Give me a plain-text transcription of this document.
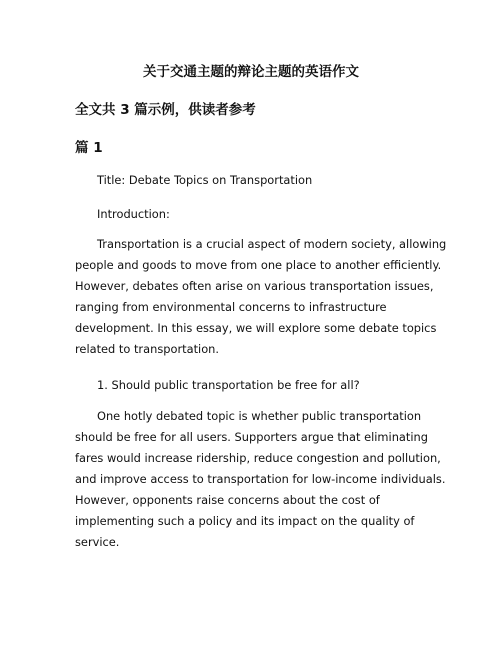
关于交通主题的辩论主题的英语作文
全文共 3 篇示例，供读者参考
篇 1

Title: Debate Topics on Transportation

Introduction:

Transportation is a crucial aspect of modern society, allowing people and goods to move from one place to another efficiently. However, debates often arise on various transportation issues, ranging from environmental concerns to infrastructure development. In this essay, we will explore some debate topics related to transportation.

1. Should public transportation be free for all?

One hotly debated topic is whether public transportation should be free for all users. Supporters argue that eliminating fares would increase ridership, reduce congestion and pollution, and improve access to transportation for low-income individuals. However, opponents raise concerns about the cost of implementing such a policy and its impact on the quality of service.
